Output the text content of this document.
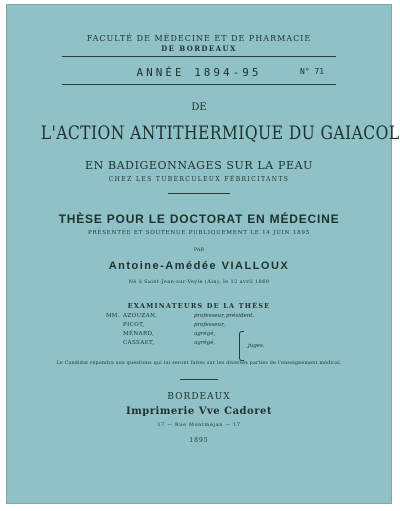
FACULTÉ DE MÉDECINE ET DE PHARMACIE
DE BORDEAUX
ANNÉE 1894-95	N° 71
DE
L'ACTION ANTITHERMIQUE DU GAIACOL
EN BADIGEONNAGES SUR LA PEAU
CHEZ LES TUBERCULEUX FÉBRICITANTS
THÈSE POUR LE DOCTORAT EN MÉDECINE
PRÉSENTÉE ET SOUTENUE PUBLIQUEMENT LE 14 JUIN 1895
PAR
Antoine-Amédée VIALLOUX
Né à Saint-Jean-sur-Veyle (Ain), le 12 avril 1869
EXAMINATEURS DE LA THÈSE
MM. AZOUZAN,	professeur, président.
PICOT,	professeur,
MÉNARD,	agrégé,
CASSAET,	agrégé,	juges.
Le Candidat répondra aux questions qui lui seront faites sur les diverses parties de l'enseignement médical.
BORDEAUX
Imprimerie Vve Cadoret
17 — Rue Montméjan — 17
1895
